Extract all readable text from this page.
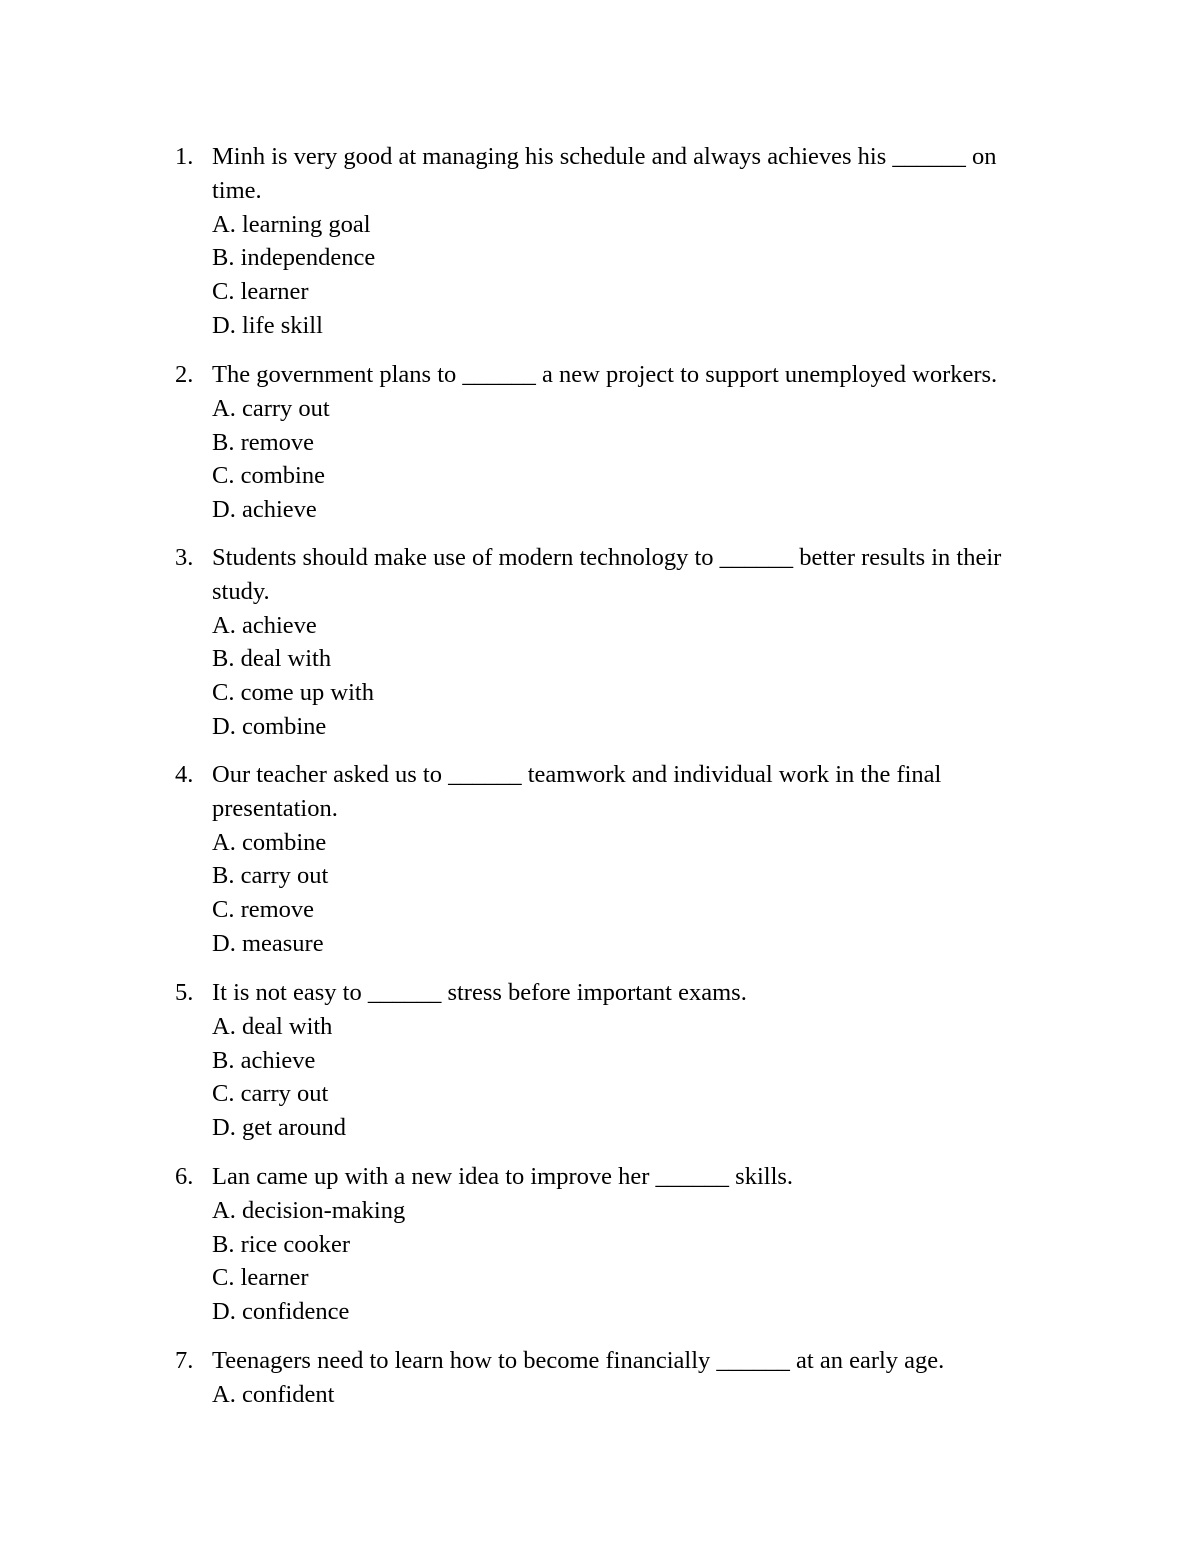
1. Minh is very good at managing his schedule and always achieves his ______ on time.
A. learning goal
B. independence
C. learner
D. life skill
2. The government plans to ______ a new project to support unemployed workers.
A. carry out
B. remove
C. combine
D. achieve
3. Students should make use of modern technology to ______ better results in their study.
A. achieve
B. deal with
C. come up with
D. combine
4. Our teacher asked us to ______ teamwork and individual work in the final presentation.
A. combine
B. carry out
C. remove
D. measure
5. It is not easy to ______ stress before important exams.
A. deal with
B. achieve
C. carry out
D. get around
6. Lan came up with a new idea to improve her ______ skills.
A. decision-making
B. rice cooker
C. learner
D. confidence
7. Teenagers need to learn how to become financially ______ at an early age.
A. confident
